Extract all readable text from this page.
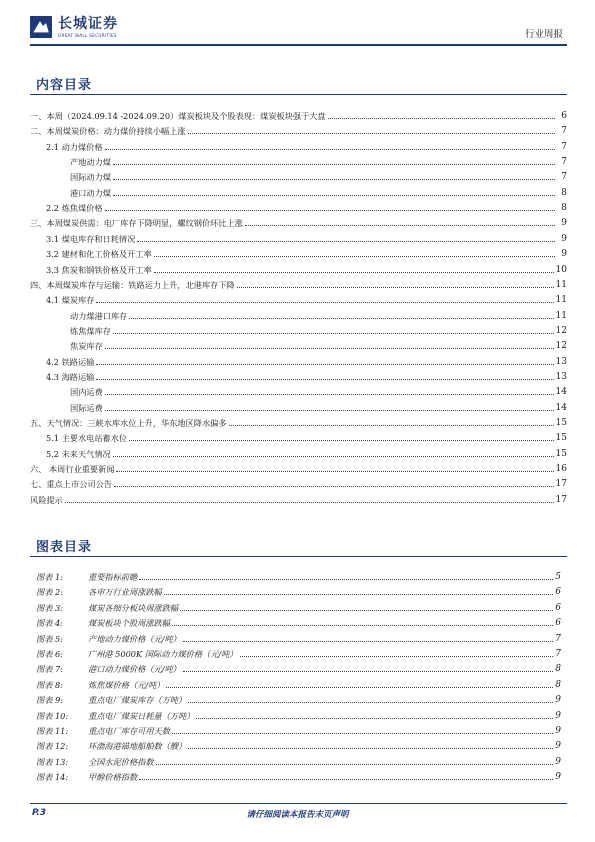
长城证券
GREAT WALL SECURITIES	行业周报
内容目录
一、本周（2024.09.14 -2024.09.20）煤炭板块及个股表现：煤炭板块强于大盘	6
二、本周煤炭价格：动力煤价持续小幅上涨	7
2.1 动力煤价格	7
产地动力煤	7
国际动力煤	7
港口动力煤	8
2.2 炼焦煤价格	8
三、本周煤炭供需：电厂库存下降明显，螺纹钢价环比上涨	9
3.1 煤电库存和日耗情况	9
3.2 建材和化工价格及开工率	9
3.3 焦炭和钢铁价格及开工率	10
四、本周煤炭库存与运输：铁路运力上升，北港库存下降	11
4.1 煤炭库存	11
动力煤港口库存	11
炼焦煤库存	12
焦炭库存	12
4.2 铁路运输	13
4.3 海路运输	13
国内运费	14
国际运费	14
五、天气情况：三峡水库水位上升，华东地区降水偏多	15
5.1 主要水电站蓄水位	15
5.2 未来天气情况	15
六、 本周行业重要新闻	16
七、重点上市公司公告	17
风险提示	17
图表目录
图表 1:	重要指标前瞻	5
图表 2:	各申万行业周涨跌幅	6
图表 3:	煤炭各细分板块周涨跌幅	6
图表 4:	煤炭板块个股周涨跌幅	6
图表 5:	产地动力煤价格（元/吨）	7
图表 6:	广州港 5000K 国际动力煤价格（元/吨）	7
图表 7:	港口动力煤价格（元/吨）	8
图表 8:	炼焦煤价格（元/吨）	8
图表 9:	重点电厂煤炭库存（万吨）	9
图表 10:	重点电厂煤炭日耗量（万吨）	9
图表 11:	重点电厂库存可用天数	9
图表 12:	环渤海港锚地船舶数（艘）	9
图表 13:	全国水泥价格指数	9
图表 14:	甲醇价格指数	9
P.3	请仔细阅读本报告末页声明
